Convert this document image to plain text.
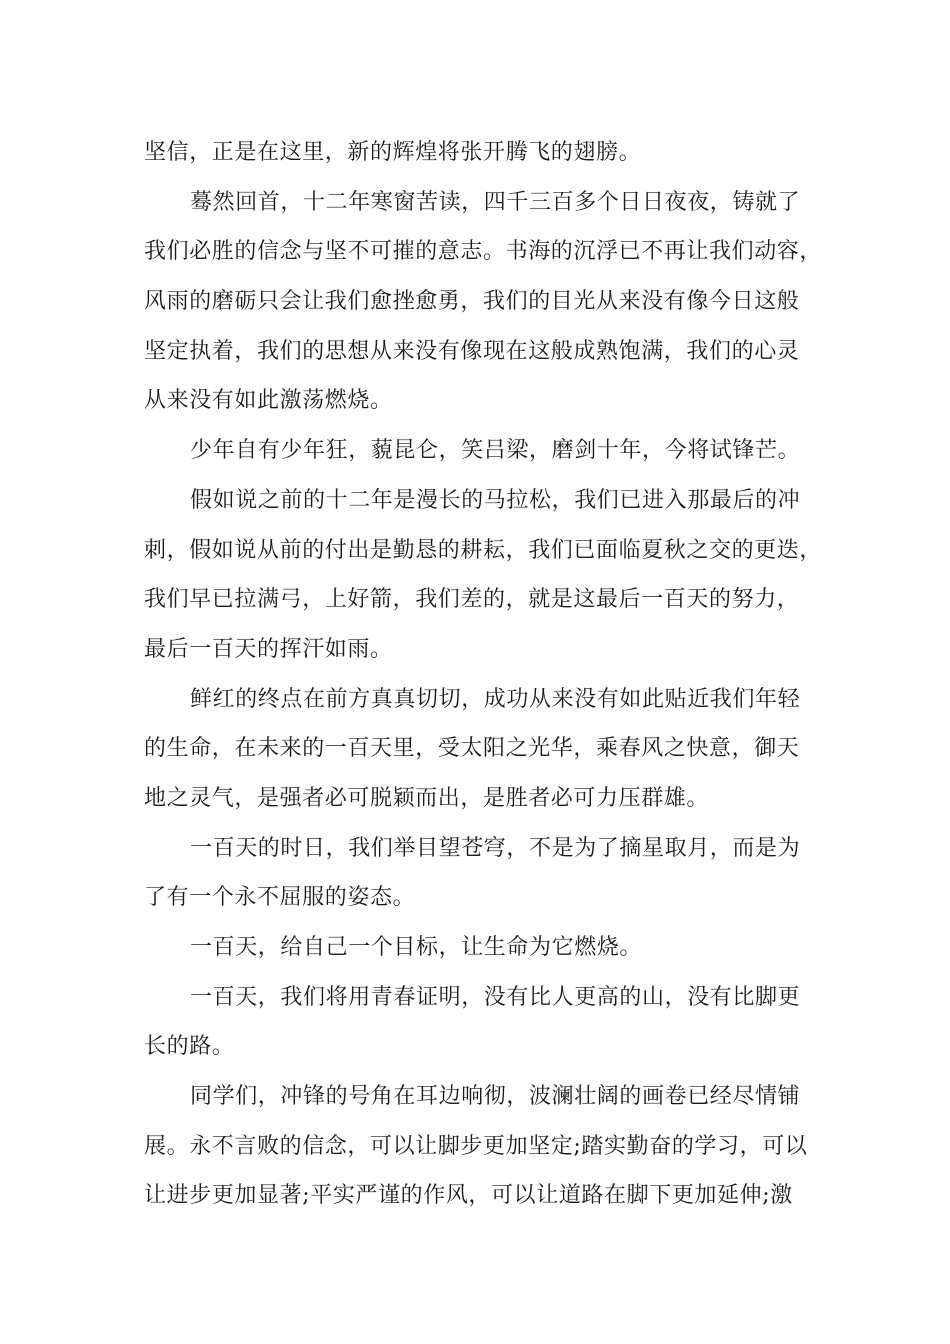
坚信，正是在这里，新的辉煌将张开腾飞的翅膀。
蓦然回首，十二年寒窗苦读，四千三百多个日日夜夜，铸就了
我们必胜的信念与坚不可摧的意志。书海的沉浮已不再让我们动容，
风雨的磨砺只会让我们愈挫愈勇，我们的目光从来没有像今日这般
坚定执着，我们的思想从来没有像现在这般成熟饱满，我们的心灵
从来没有如此激荡燃烧。
少年自有少年狂，藐昆仑，笑吕梁，磨剑十年，今将试锋芒。
假如说之前的十二年是漫长的马拉松，我们已进入那最后的冲
刺，假如说从前的付出是勤恳的耕耘，我们已面临夏秋之交的更迭，
我们早已拉满弓，上好箭，我们差的，就是这最后一百天的努力，
最后一百天的挥汗如雨。
鲜红的终点在前方真真切切，成功从来没有如此贴近我们年轻
的生命，在未来的一百天里，受太阳之光华，乘春风之快意，御天
地之灵气，是强者必可脱颖而出，是胜者必可力压群雄。
一百天的时日，我们举目望苍穹，不是为了摘星取月，而是为
了有一个永不屈服的姿态。
一百天，给自己一个目标，让生命为它燃烧。
一百天，我们将用青春证明，没有比人更高的山，没有比脚更
长的路。
同学们，冲锋的号角在耳边响彻，波澜壮阔的画卷已经尽情铺
展。永不言败的信念，可以让脚步更加坚定;踏实勤奋的学习，可以
让进步更加显著;平实严谨的作风，可以让道路在脚下更加延伸;激
